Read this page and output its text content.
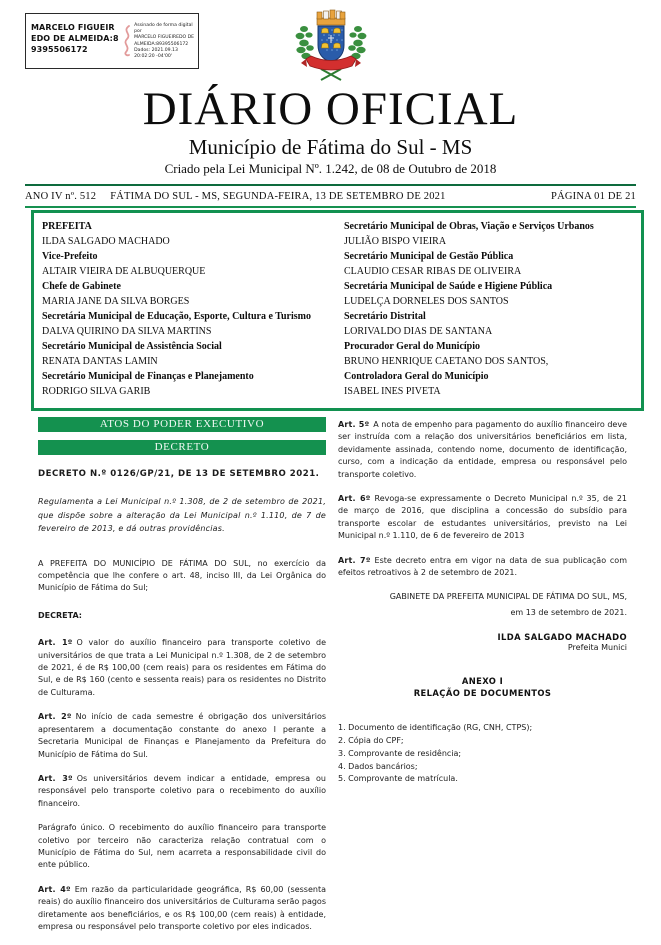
MARCELO FIGUEIREDO DE ALMEIDA:89395506172
Assinado de forma digital por
MARCELO FIGUEIREDO DE
ALMEIDA:89395506172
Dados: 2021.09.13 20:02:20 -04'00'
DIÁRIO OFICIAL
Município de Fátima do Sul - MS
Criado pela Lei Municipal Nº. 1.242, de 08 de Outubro de 2018
ANO IV nº. 512	FÁTIMA DO SUL - MS, SEGUNDA-FEIRA, 13 DE SETEMBRO DE 2021	PÁGINA 01 DE 21
PREFEITA
ILDA SALGADO MACHADO
Vice-Prefeito
ALTAIR VIEIRA DE ALBUQUERQUE
Chefe de Gabinete
MARIA JANE DA SILVA BORGES
Secretária Municipal de Educação, Esporte, Cultura e Turismo
DALVA QUIRINO DA SILVA MARTINS
Secretário Municipal de Assistência Social
RENATA DANTAS LAMIN
Secretário Municipal de Finanças e Planejamento
RODRIGO SILVA GARIB
Secretário Municipal de Obras, Viação e Serviços Urbanos
JULIÃO BISPO VIEIRA
Secretário Municipal de Gestão Pública
CLAUDIO CESAR RIBAS DE OLIVEIRA
Secretária Municipal de Saúde e Higiene Pública
LUDELÇA DORNELES DOS SANTOS
Secretário Distrital
LORIVALDO DIAS DE SANTANA
Procurador Geral do Município
BRUNO HENRIQUE CAETANO DOS SANTOS,
Controladora Geral do Município
ISABEL INES PIVETA
ATOS DO PODER EXECUTIVO
DECRETO

DECRETO N.º 0126/GP/21, DE 13 DE SETEMBRO 2021.

Regulamenta a Lei Municipal n.º 1.308, de 2 de setembro de 2021, que dispõe sobre a alteração da Lei Municipal n.º 1.110, de 7 de fevereiro de 2013, e dá outras providências.

A PREFEITA DO MUNICÍPIO DE FÁTIMA DO SUL, no exercício da competência que lhe confere o art. 48, inciso III, da Lei Orgânica do Município de Fátima do Sul;

DECRETA:

Art. 1º O valor do auxílio financeiro para transporte coletivo de universitários de que trata a Lei Municipal n.º 1.308, de 2 de setembro de 2021, é de R$ 100,00 (cem reais) para os residentes em Fátima do Sul, e de R$ 160 (cento e sessenta reais) para os residentes no Distrito de Culturama.

Art. 2º No início de cada semestre é obrigação dos universitários apresentarem a documentação constante do anexo I perante a Secretaria Municipal de Finanças e Planejamento da Prefeitura do Município de Fátima do Sul.

Art. 3º Os universitários devem indicar a entidade, empresa ou responsável pelo transporte coletivo para o recebimento do auxílio financeiro.

Parágrafo único. O recebimento do auxílio financeiro para transporte coletivo por terceiro não caracteriza relação contratual com o Município de Fátima do Sul, nem acarreta a responsabilidade civil do ente público.

Art. 4º Em razão da particularidade geográfica, R$ 60,00 (sessenta reais) do auxílio financeiro dos universitários de Culturama serão pagos diretamente aos beneficiários, e os R$ 100,00 (cem reais) à entidade, empresa ou responsável pelo transporte coletivo por eles indicados.

Art. 5º A nota de empenho para pagamento do auxílio financeiro deve ser instruída com a relação dos universitários beneficiários em lista, devidamente assinada, contendo nome, documento de identificação, curso, com a indicação da entidade, empresa ou responsável pelo transporte coletivo.

Art. 6º Revoga-se expressamente o Decreto Municipal n.º 35, de 21 de março de 2016, que disciplina a concessão do subsídio para transporte escolar de estudantes universitários, previsto na Lei Municipal n.º 1.110, de 6 de fevereiro de 2013

Art. 7º Este decreto entra em vigor na data de sua publicação com efeitos retroativos à 2 de setembro de 2021.

GABINETE DA PREFEITA MUNICIPAL DE FÁTIMA DO SUL, MS,
em 13 de setembro de 2021.
ILDA SALGADO MACHADO
Prefeita Munici
ANEXO I
RELAÇÃO DE DOCUMENTOS
1. Documento de identificação (RG, CNH, CTPS);
2. Cópia do CPF;
3. Comprovante de residência;
4. Dados bancários;
5. Comprovante de matrícula.
